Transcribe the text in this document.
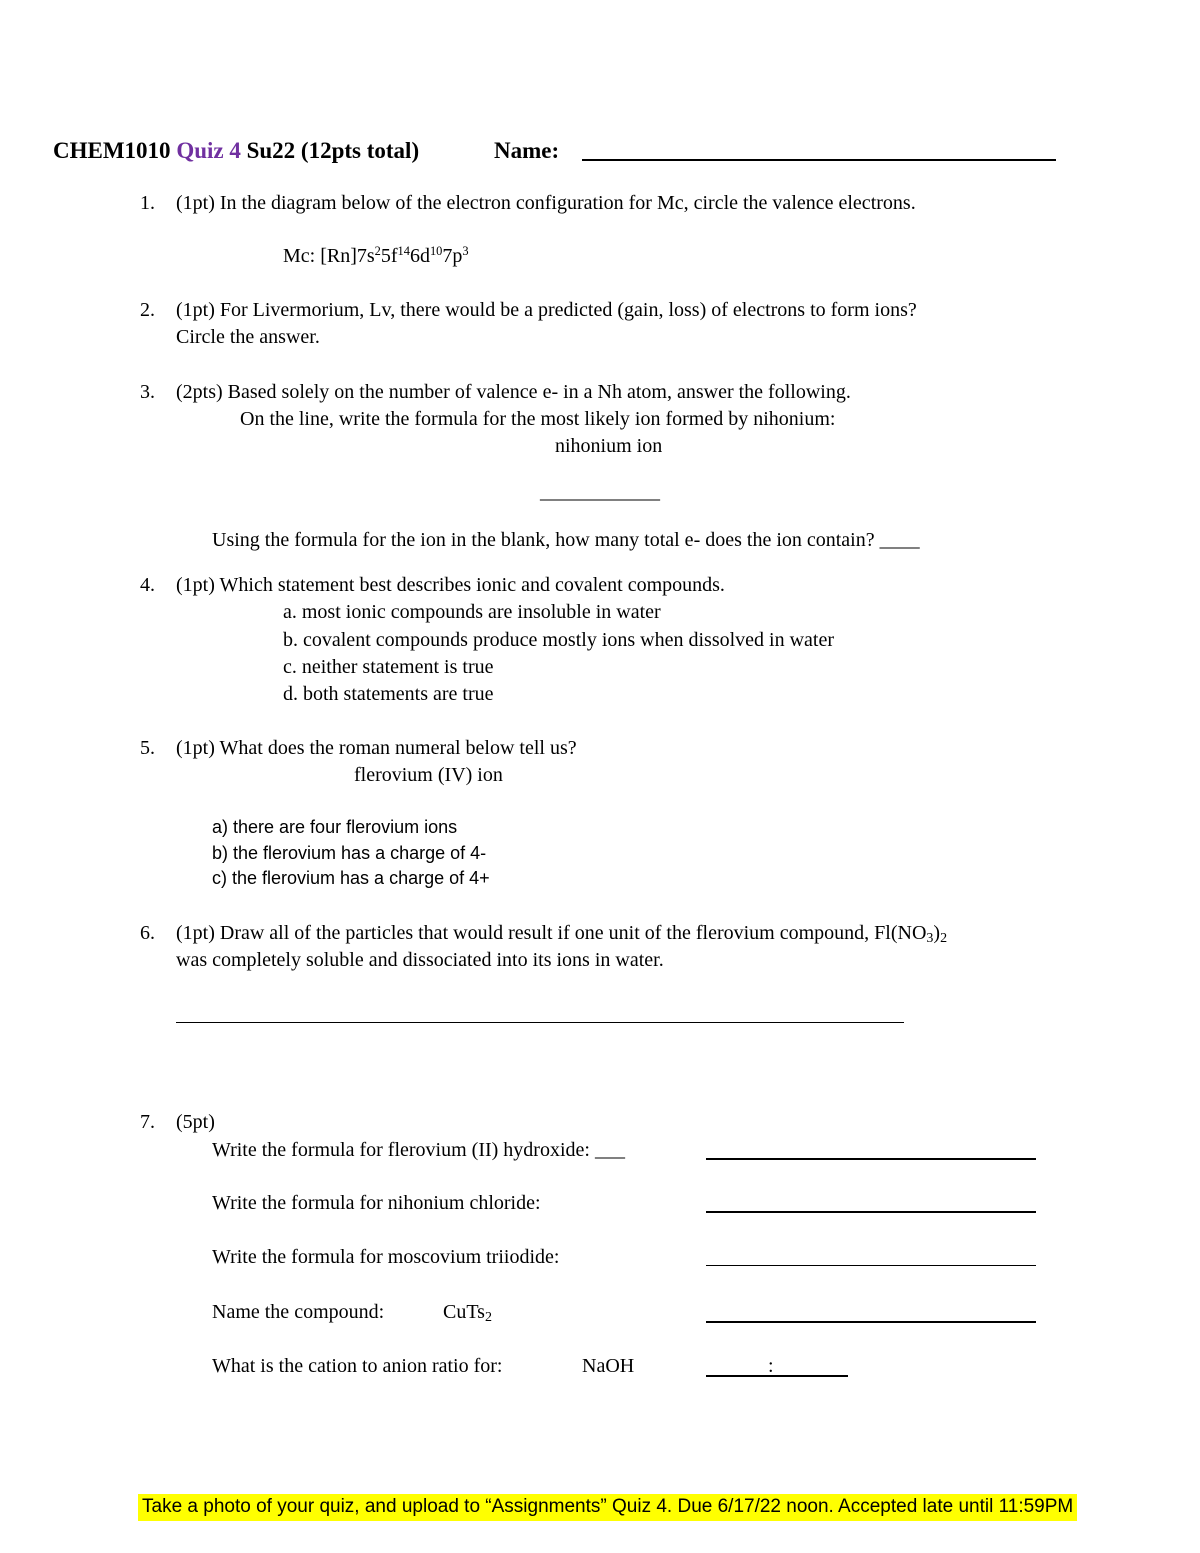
CHEM1010 Quiz 4 Su22 (12pts total)	Name:
1. (1pt) In the diagram below of the electron configuration for Mc, circle the valence electrons.
Mc: $[Rn]7s^25f^{14}6d^{10}7p^3$
2. (1pt) For Livermorium, Lv, there would be a predicted (gain, loss) of electrons to form ions?
Circle the answer.
3. (2pts) Based solely on the number of valence e- in a Nh atom, answer the following.
On the line, write the formula for the most likely ion formed by nihonium:
nihonium ion
____________
Using the formula for the ion in the blank, how many total e- does the ion contain? ____
4. (1pt) Which statement best describes ionic and covalent compounds.
a. most ionic compounds are insoluble in water
b. covalent compounds produce mostly ions when dissolved in water
c. neither statement is true
d. both statements are true
5. (1pt) What does the roman numeral below tell us?
flerovium (IV) ion
a) there are four flerovium ions
b) the flerovium has a charge of 4-
c) the flerovium has a charge of 4+
6. (1pt) Draw all of the particles that would result if one unit of the flerovium compound, $Fl(NO_3)_2$
was completely soluble and dissociated into its ions in water.
7. (5pt)
Write the formula for flerovium (II) hydroxide: ___
Write the formula for nihonium chloride:
Write the formula for moscovium triiodide:
Name the compound:	CuTs$_2$
What is the cation to anion ratio for:	NaOH	:
Take a photo of your quiz, and upload to “Assignments” Quiz 4. Due 6/17/22 noon. Accepted late until 11:59PM
